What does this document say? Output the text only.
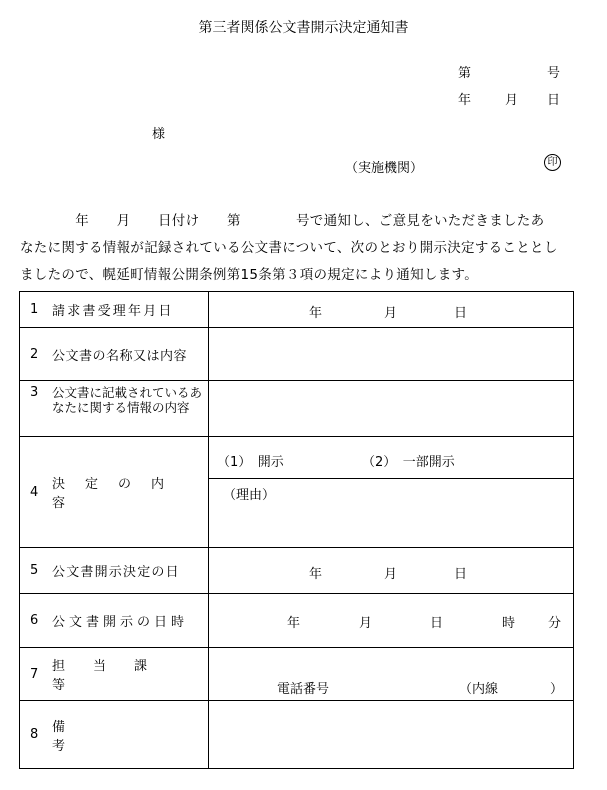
第三者関係公文書開示決定通知書
第	号
年	月 日
様
（実施機関）	印
　　　　年　　月　　日付け　　第　　　　号で通知し、ご意見をいただきましたあ
なたに関する情報が記録されている公文書について、次のとおり開示決定することとし
ましたので、幌延町情報公開条例第15条第３項の規定により通知します。
1	請求書受理年月日	年	月	日
2	公文書の名称又は内容
3	公文書に記載されているあなたに関する情報の内容
4	決定の内容
（1）　開示	（2）　一部開示
（理由）
5	公文書開示決定の日	年	月	日
6	公文書開示の日時	年	月	日	時	分
7	担当課等	電話番号	（内線　　　　）
8	備考
